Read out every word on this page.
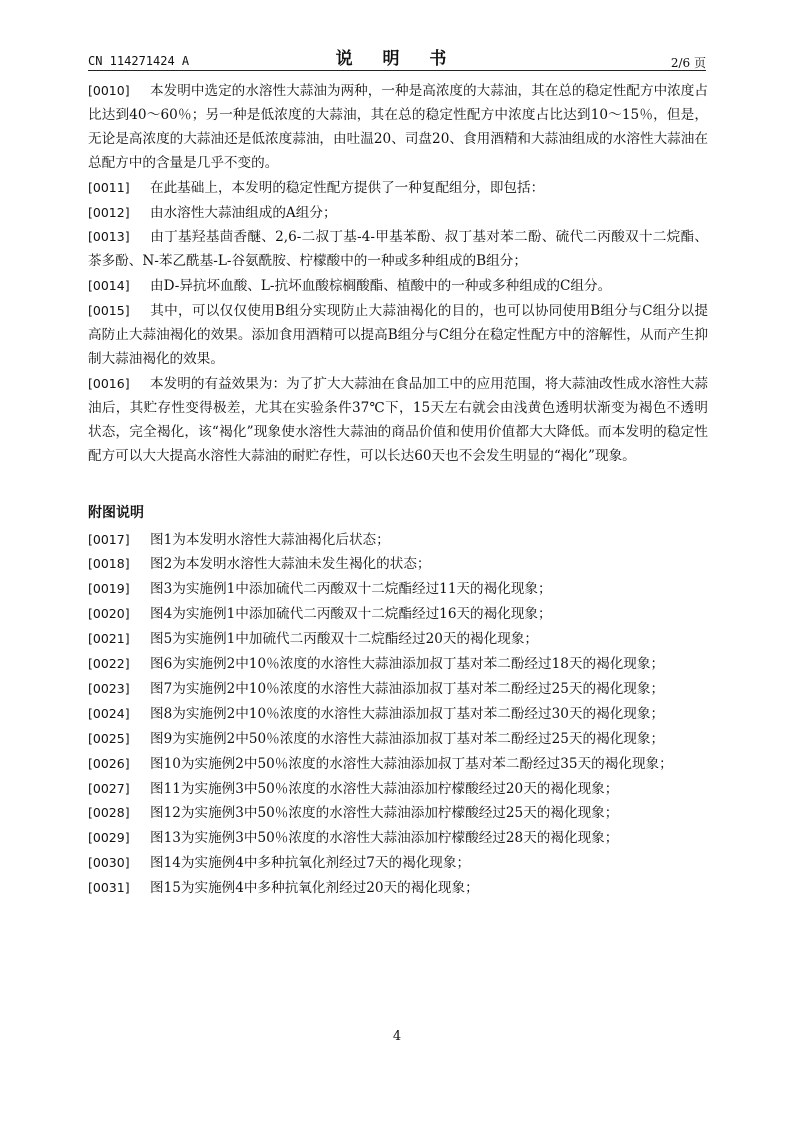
CN 114271424 A	说 明 书	2/6 页

[0010] 本发明中选定的水溶性大蒜油为两种，一种是高浓度的大蒜油，其在总的稳定性配方中浓度占比达到40～60％；另一种是低浓度的大蒜油，其在总的稳定性配方中浓度占比达到10～15％，但是，无论是高浓度的大蒜油还是低浓度蒜油，由吐温20、司盘20、食用酒精和大蒜油组成的水溶性大蒜油在总配方中的含量是几乎不变的。

[0011] 在此基础上，本发明的稳定性配方提供了一种复配组分，即包括：

[0012] 由水溶性大蒜油组成的A组分；

[0013] 由丁基羟基茴香醚、2,6-二叔丁基-4-甲基苯酚、叔丁基对苯二酚、硫代二丙酸双十二烷酯、茶多酚、N-苯乙酰基-L-谷氨酰胺、柠檬酸中的一种或多种组成的B组分；

[0014] 由D-异抗坏血酸、L-抗坏血酸棕榈酸酯、植酸中的一种或多种组成的C组分。

[0015] 其中，可以仅仅使用B组分实现防止大蒜油褐化的目的，也可以协同使用B组分与C组分以提高防止大蒜油褐化的效果。添加食用酒精可以提高B组分与C组分在稳定性配方中的溶解性，从而产生抑制大蒜油褐化的效果。

[0016] 本发明的有益效果为：为了扩大大蒜油在食品加工中的应用范围，将大蒜油改性成水溶性大蒜油后，其贮存性变得极差，尤其在实验条件37℃下，15天左右就会由浅黄色透明状渐变为褐色不透明状态，完全褐化，该“褐化”现象使水溶性大蒜油的商品价值和使用价值都大大降低。而本发明的稳定性配方可以大大提高水溶性大蒜油的耐贮存性，可以长达60天也不会发生明显的“褐化”现象。

附图说明

[0017] 图1为本发明水溶性大蒜油褐化后状态；

[0018] 图2为本发明水溶性大蒜油未发生褐化的状态；

[0019] 图3为实施例1中添加硫代二丙酸双十二烷酯经过11天的褐化现象；

[0020] 图4为实施例1中添加硫代二丙酸双十二烷酯经过16天的褐化现象；

[0021] 图5为实施例1中加硫代二丙酸双十二烷酯经过20天的褐化现象；

[0022] 图6为实施例2中10％浓度的水溶性大蒜油添加叔丁基对苯二酚经过18天的褐化现象；

[0023] 图7为实施例2中10％浓度的水溶性大蒜油添加叔丁基对苯二酚经过25天的褐化现象；

[0024] 图8为实施例2中10％浓度的水溶性大蒜油添加叔丁基对苯二酚经过30天的褐化现象；

[0025] 图9为实施例2中50％浓度的水溶性大蒜油添加叔丁基对苯二酚经过25天的褐化现象；

[0026] 图10为实施例2中50％浓度的水溶性大蒜油添加叔丁基对苯二酚经过35天的褐化现象；

[0027] 图11为实施例3中50％浓度的水溶性大蒜油添加柠檬酸经过20天的褐化现象；

[0028] 图12为实施例3中50％浓度的水溶性大蒜油添加柠檬酸经过25天的褐化现象；

[0029] 图13为实施例3中50％浓度的水溶性大蒜油添加柠檬酸经过28天的褐化现象；

[0030] 图14为实施例4中多种抗氧化剂经过7天的褐化现象；

[0031] 图15为实施例4中多种抗氧化剂经过20天的褐化现象；

4
